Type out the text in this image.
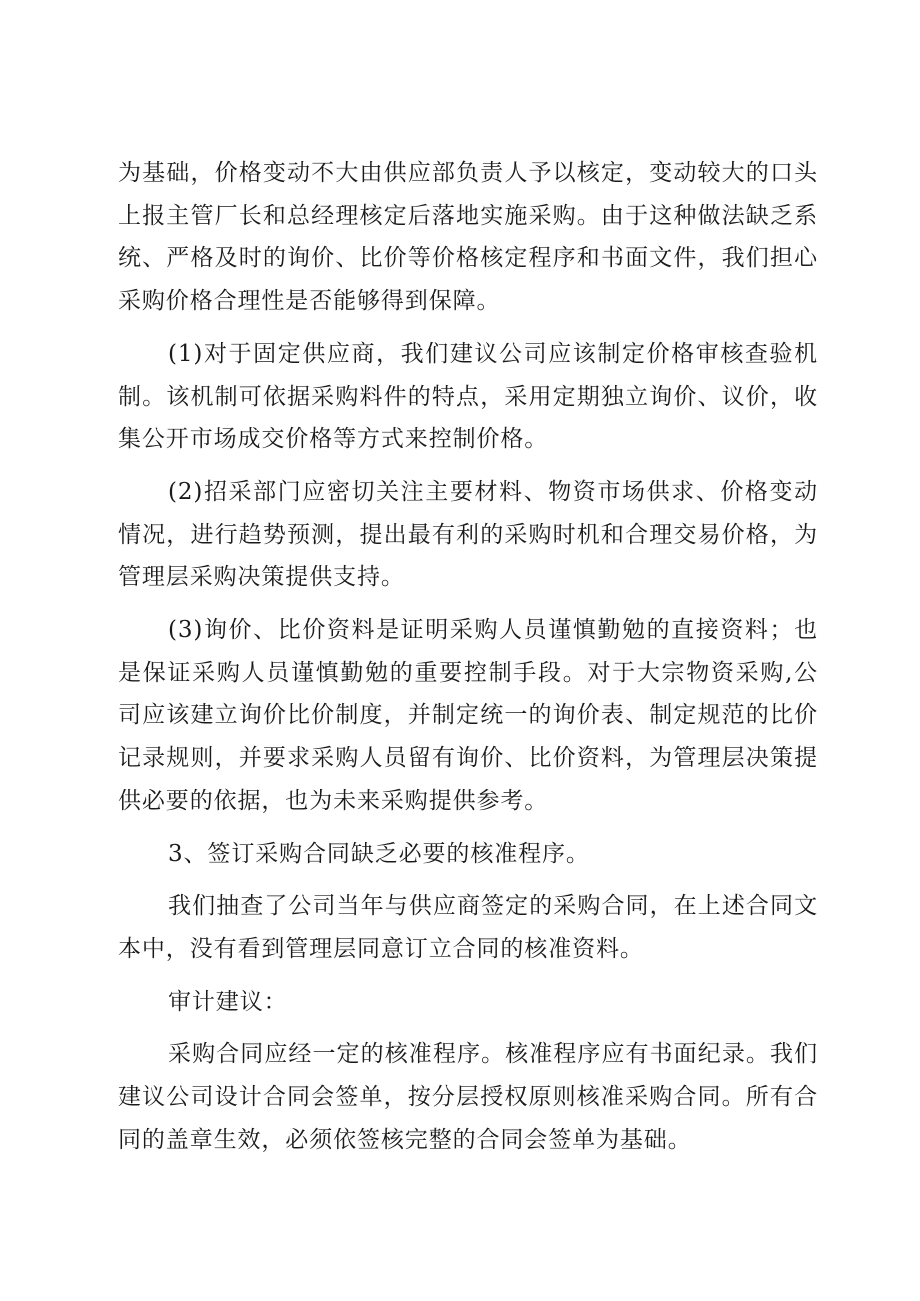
为基础，价格变动不大由供应部负责人予以核定，变动较大的口头上报主管厂长和总经理核定后落地实施采购。由于这种做法缺乏系统、严格及时的询价、比价等价格核定程序和书面文件，我们担心采购价格合理性是否能够得到保障。

(1)对于固定供应商，我们建议公司应该制定价格审核查验机制。该机制可依据采购料件的特点，采用定期独立询价、议价，收集公开市场成交价格等方式来控制价格。

(2)招采部门应密切关注主要材料、物资市场供求、价格变动情况，进行趋势预测，提出最有利的采购时机和合理交易价格，为管理层采购决策提供支持。

(3)询价、比价资料是证明采购人员谨慎勤勉的直接资料；也是保证采购人员谨慎勤勉的重要控制手段。对于大宗物资采购,公司应该建立询价比价制度，并制定统一的询价表、制定规范的比价记录规则，并要求采购人员留有询价、比价资料，为管理层决策提供必要的依据，也为未来采购提供参考。

3、签订采购合同缺乏必要的核准程序。

我们抽查了公司当年与供应商签定的采购合同，在上述合同文本中，没有看到管理层同意订立合同的核准资料。

审计建议：

采购合同应经一定的核准程序。核准程序应有书面纪录。我们建议公司设计合同会签单，按分层授权原则核准采购合同。所有合同的盖章生效，必须依签核完整的合同会签单为基础。
